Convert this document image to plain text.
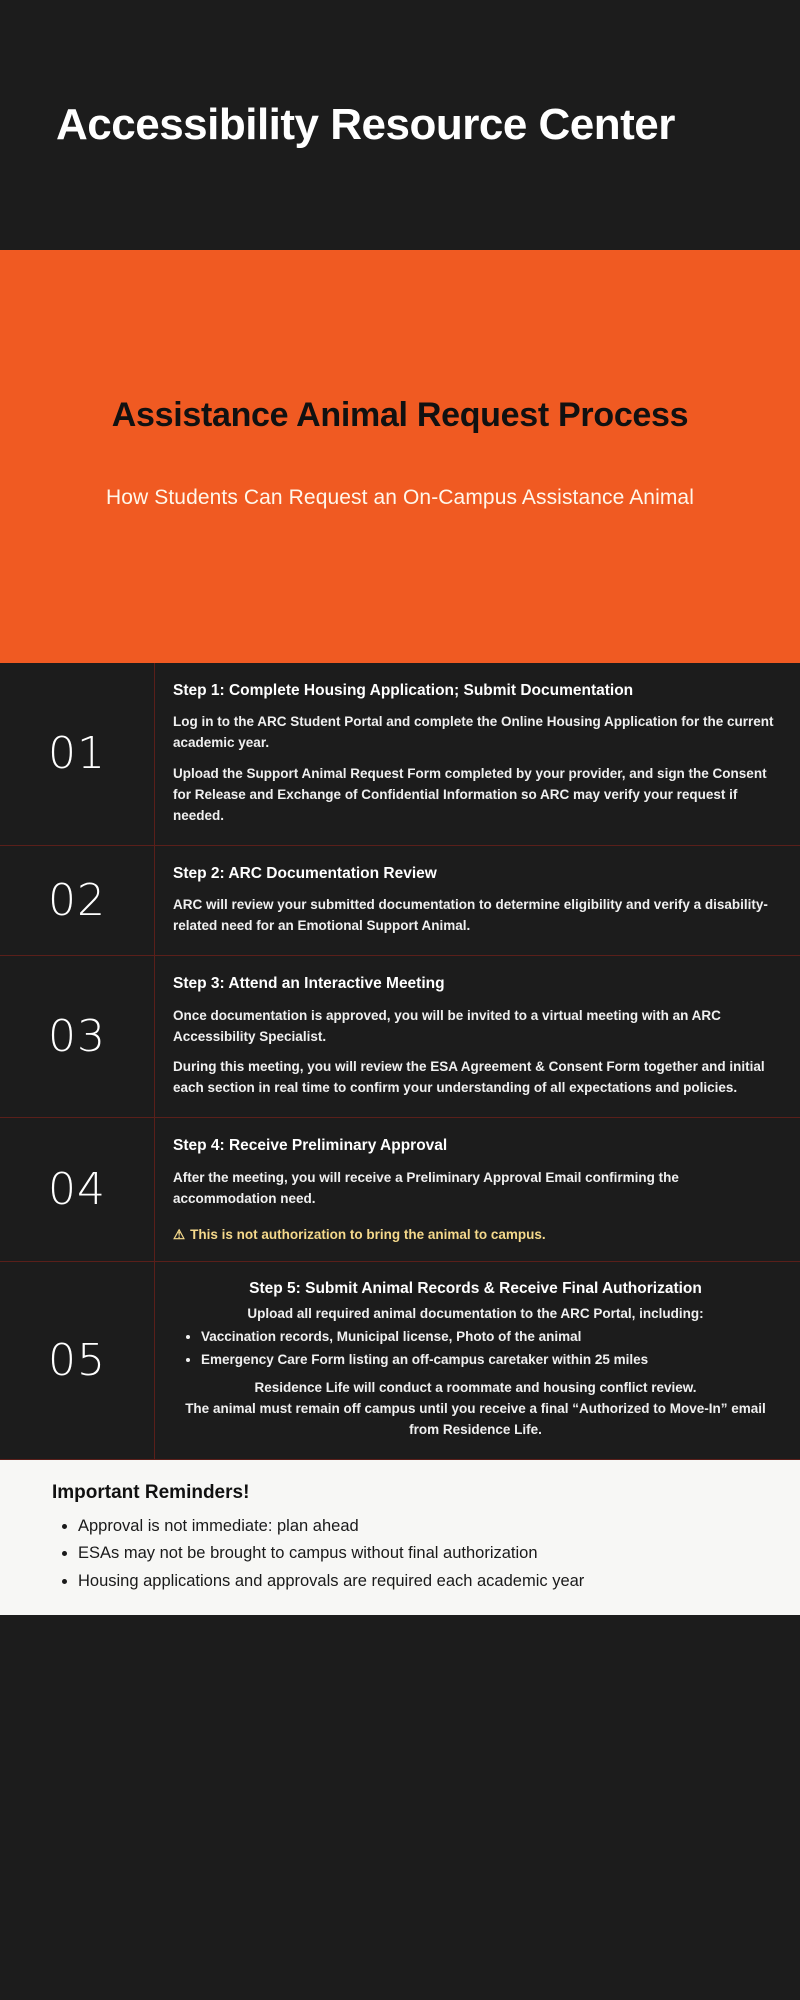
Accessibility Resource Center
Assistance Animal Request Process
How Students Can Request an On-Campus Assistance Animal
01
Step 1: Complete Housing Application; Submit Documentation
Log in to the ARC Student Portal and complete the Online Housing Application for the current academic year.
Upload the Support Animal Request Form completed by your provider, and sign the Consent for Release and Exchange of Confidential Information so ARC may verify your request if needed.
02
Step 2: ARC Documentation Review
ARC will review your submitted documentation to determine eligibility and verify a disability-related need for an Emotional Support Animal.
03
Step 3: Attend an Interactive Meeting
Once documentation is approved, you will be invited to a virtual meeting with an ARC Accessibility Specialist.
During this meeting, you will review the ESA Agreement & Consent Form together and initial each section in real time to confirm your understanding of all expectations and policies.
04
Step 4: Receive Preliminary Approval
After the meeting, you will receive a Preliminary Approval Email confirming the accommodation need.
⚠ This is not authorization to bring the animal to campus.
05
Step 5: Submit Animal Records & Receive Final Authorization
Upload all required animal documentation to the ARC Portal, including:
• Vaccination records, Municipal license, Photo of the animal
• Emergency Care Form listing an off-campus caretaker within 25 miles
Residence Life will conduct a roommate and housing conflict review.
The animal must remain off campus until you receive a final “Authorized to Move-In” email from Residence Life.
Important Reminders!
• Approval is not immediate: plan ahead
• ESAs may not be brought to campus without final authorization
• Housing applications and approvals are required each academic year
